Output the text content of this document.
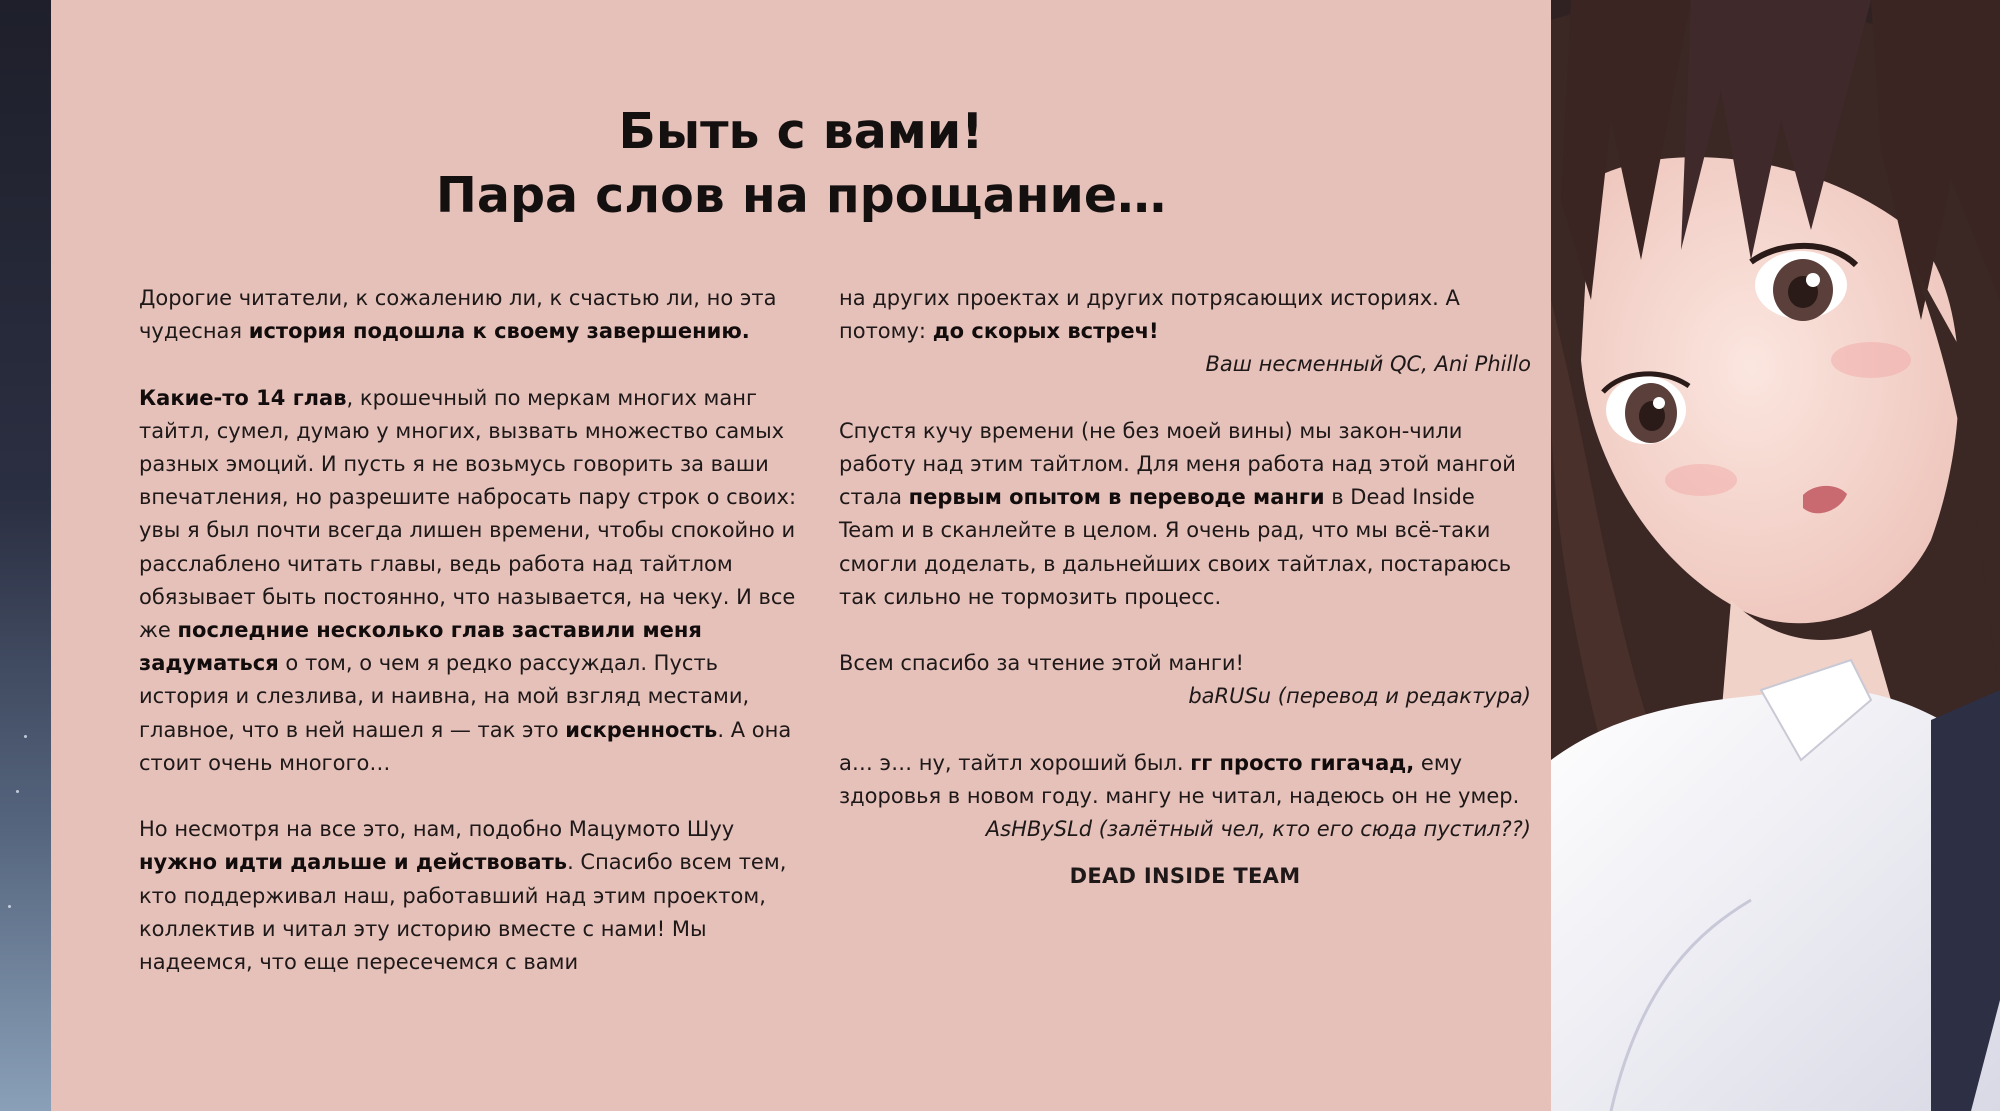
Быть с вами!
Пара слов на прощание…

Дорогие читатели, к сожалению ли, к счастью ли, но эта чудесная история подошла к своему завершению.

Какие-то 14 глав, крошечный по меркам многих манг тайтл, сумел, думаю у многих, вызвать множество самых разных эмоций. И пусть я не возьмусь говорить за ваши впечатления, но разрешите набросать пару строк о своих: увы я был почти всегда лишен времени, чтобы спокойно и расслаблено читать главы, ведь работа над тайтлом обязывает быть постоянно, что называется, на чеку. И все же последние несколько глав заставили меня задуматься о том, о чем я редко рассуждал. Пусть история и слезлива, и наивна, на мой взгляд местами, главное, что в ней нашел я — так это искренность. А она стоит очень многого…

Но несмотря на все это, нам, подобно Мацумото Шуу нужно идти дальше и действовать. Спасибо всем тем, кто поддерживал наш, работавший над этим проектом, коллектив и читал эту историю вместе с нами! Мы надеемся, что еще пересечемся с вами

на других проектах и других потрясающих историях. А потому: до скорых встреч!

Ваш несменный QC, Ani Phillo

Спустя кучу времени (не без моей вины) мы закон-чили работу над этим тайтлом. Для меня работа над этой мангой стала первым опытом в переводе манги в Dead Inside Team и в сканлейте в целом. Я очень рад, что мы всё-таки смогли доделать, в дальнейших своих тайтлах, постараюсь так сильно не тормозить процесс.

Всем спасибо за чтение этой манги!

baRUSu (перевод и редактура)

а… э… ну, тайтл хороший был. гг просто гигачад, ему здоровья в новом году. мангу не читал, надеюсь он не умер.

AsHBySLd (залётный чел, кто его сюда пустил??)

DEAD INSIDE TEAM
